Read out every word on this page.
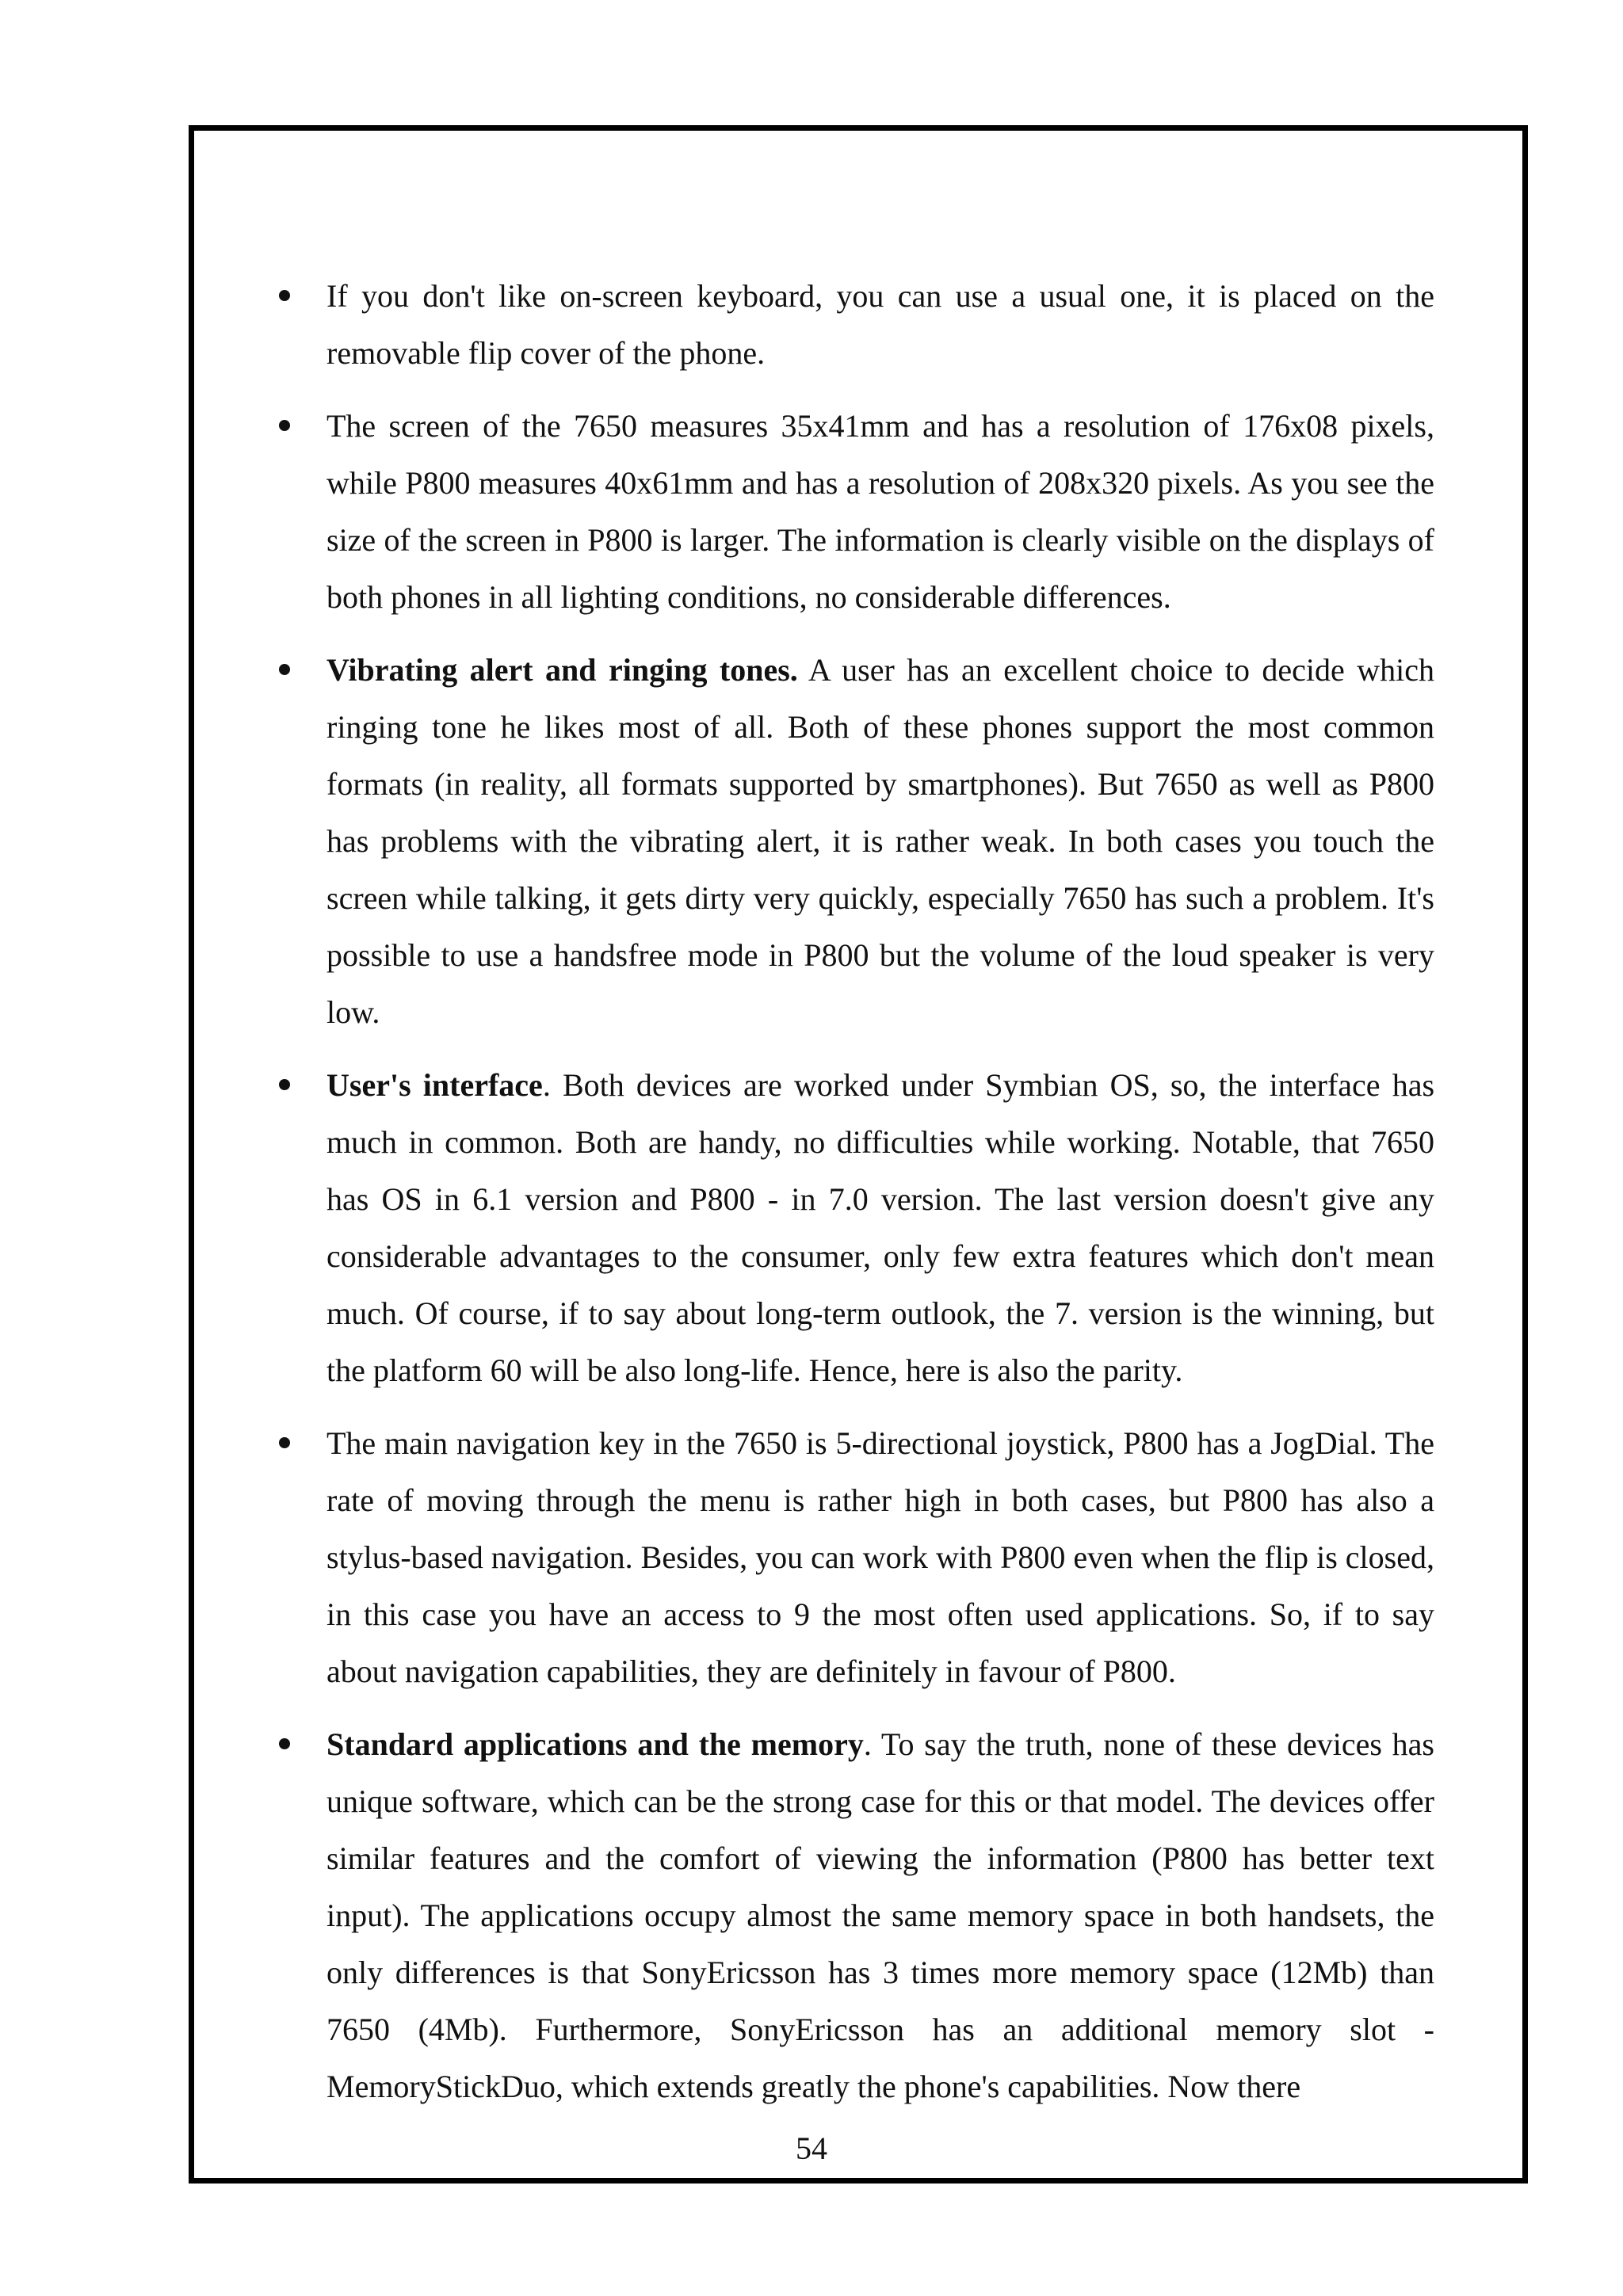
If you don't like on-screen keyboard, you can use a usual one, it is placed on the removable flip cover of the phone.
The screen of the 7650 measures 35x41mm and has a resolution of 176x08 pixels, while P800 measures 40x61mm and has a resolution of 208x320 pixels. As you see the size of the screen in P800 is larger. The information is clearly visible on the displays of both phones in all lighting conditions, no considerable differences.
Vibrating alert and ringing tones. A user has an excellent choice to decide which ringing tone he likes most of all. Both of these phones support the most common formats (in reality, all formats supported by smartphones). But 7650 as well as P800 has problems with the vibrating alert, it is rather weak. In both cases you touch the screen while talking, it gets dirty very quickly, especially 7650 has such a problem. It's possible to use a handsfree mode in P800 but the volume of the loud speaker is very low.
User's interface. Both devices are worked under Symbian OS, so, the interface has much in common. Both are handy, no difficulties while working. Notable, that 7650 has OS in 6.1 version and P800 - in 7.0 version. The last version doesn't give any considerable advantages to the consumer, only few extra features which don't mean much. Of course, if to say about long-term outlook, the 7. version is the winning, but the platform 60 will be also long-life. Hence, here is also the parity.
The main navigation key in the 7650 is 5-directional joystick, P800 has a JogDial. The rate of moving through the menu is rather high in both cases, but P800 has also a stylus-based navigation. Besides, you can work with P800 even when the flip is closed, in this case you have an access to 9 the most often used applications. So, if to say about navigation capabilities, they are definitely in favour of P800.
Standard applications and the memory. To say the truth, none of these devices has unique software, which can be the strong case for this or that model. The devices offer similar features and the comfort of viewing the information (P800 has better text input). The applications occupy almost the same memory space in both handsets, the only differences is that SonyEricsson has 3 times more memory space (12Mb) than 7650 (4Mb). Furthermore, SonyEricsson has an additional memory slot - MemoryStickDuo, which extends greatly the phone's capabilities. Now there
54
